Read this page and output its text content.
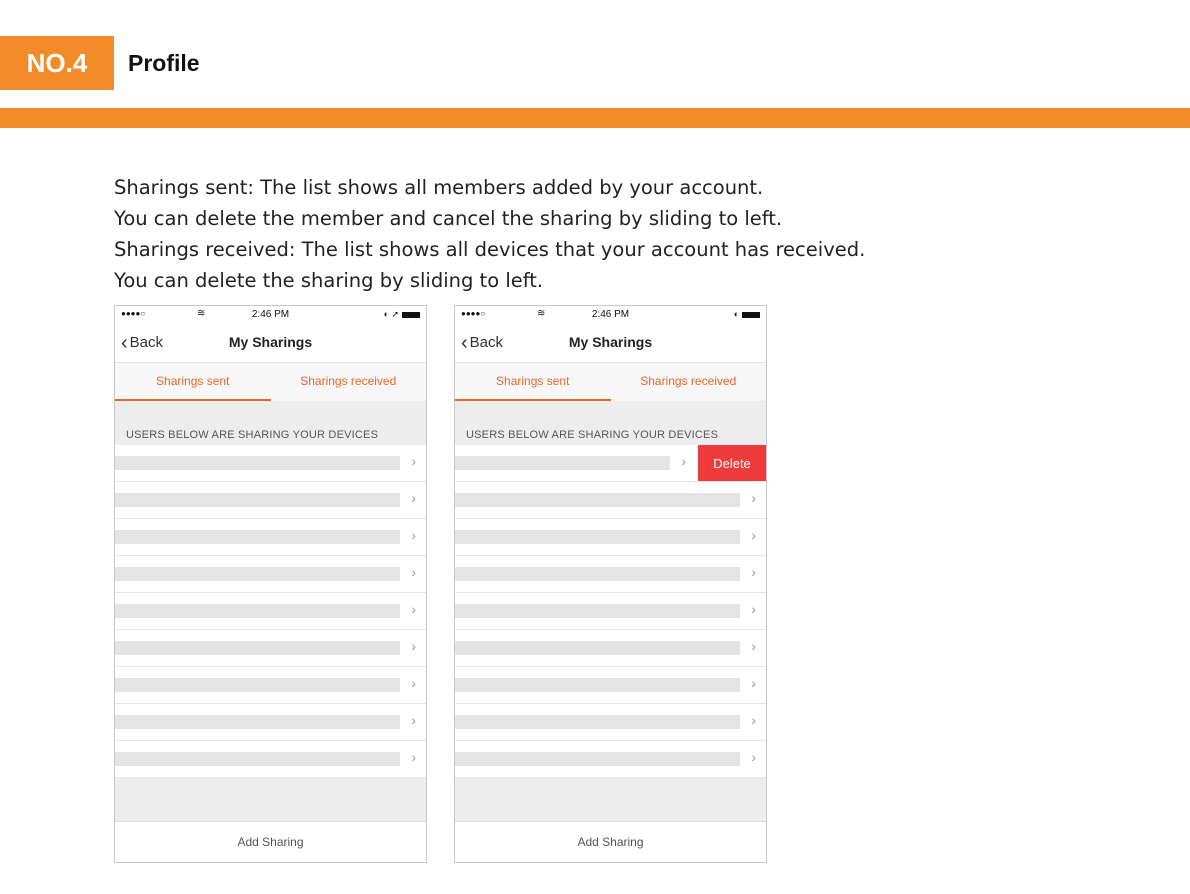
NO.4	Profile

Sharings sent: The list shows all members added by your account.

You can delete the member and cancel the sharing by sliding to left.

Sharings received: The list shows all devices that your account has received.

You can delete the sharing by sliding to left.

●●●●○	≋	2:46 PM	◐ ➚
‹ Back	My Sharings
Sharings sent	Sharings received
USERS BELOW ARE SHARING YOUR DEVICES
›
›
›
›
›
›
›
›
›
Add Sharing
●●●●○	≋	2:46 PM	◐
‹ Back	My Sharings
Sharings sent	Sharings received
USERS BELOW ARE SHARING YOUR DEVICES
›	Delete
›
›
›
›
›
›
›
›
Add Sharing
